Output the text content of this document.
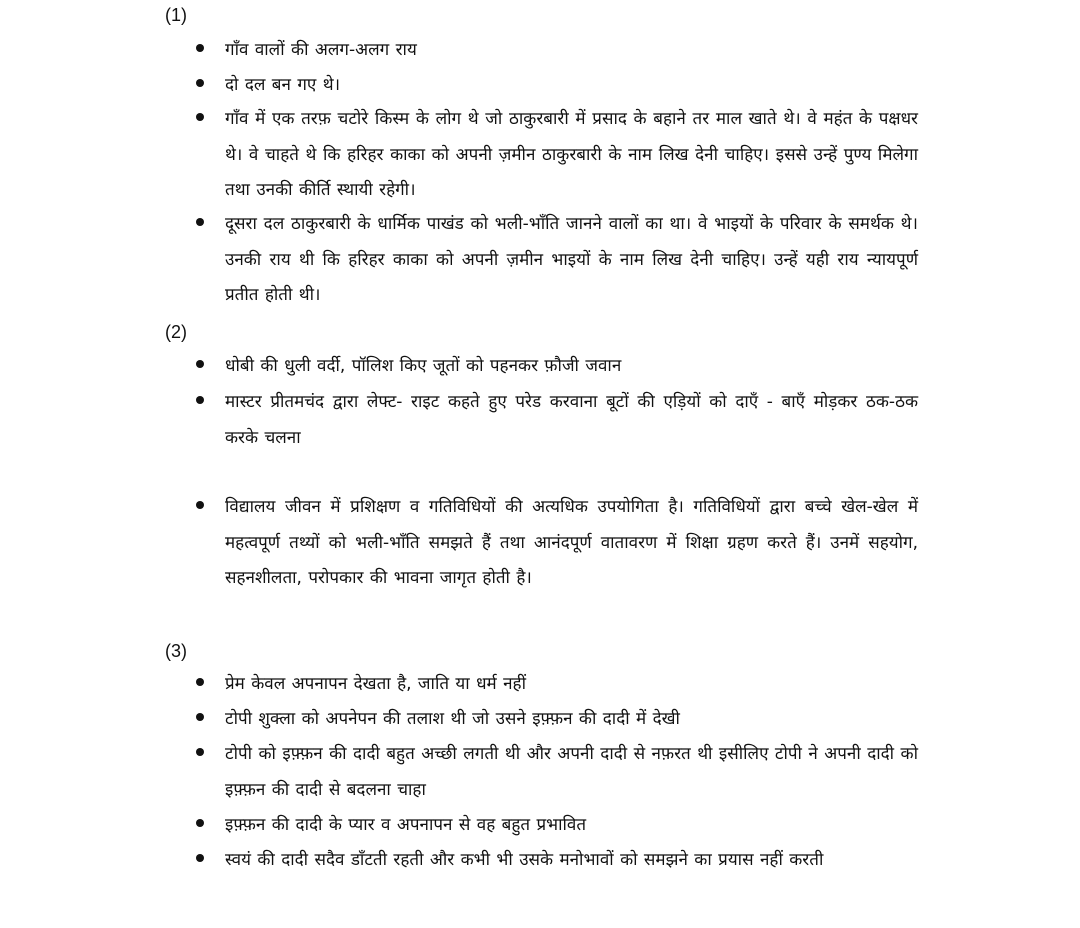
(1)
गाँव वालों की अलग-अलग राय
दो दल बन गए थे।
गाँव में एक तरफ़ चटोरे किस्म के लोग थे जो ठाकुरबारी में प्रसाद के बहाने तर माल खाते थे। वे महंत के पक्षधर थे। वे चाहते थे कि हरिहर काका को अपनी ज़मीन ठाकुरबारी के नाम लिख देनी चाहिए। इससे उन्हें पुण्य मिलेगा तथा उनकी कीर्ति स्थायी रहेगी।
दूसरा दल ठाकुरबारी के धार्मिक पाखंड को भली-भाँति जानने वालों का था। वे भाइयों के परिवार के समर्थक थे। उनकी राय थी कि हरिहर काका को अपनी ज़मीन भाइयों के नाम लिख देनी चाहिए। उन्हें यही राय न्यायपूर्ण प्रतीत होती थी।
(2)
धोबी की धुली वर्दी, पॉलिश किए जूतों को पहनकर फ़ौजी जवान
मास्टर प्रीतमचंद द्वारा लेफ्ट- राइट कहते हुए परेड करवाना बूटों की एड़ियों को दाएँ - बाएँ मोड़कर ठक-ठक करके चलना
विद्यालय जीवन में प्रशिक्षण व गतिविधियों की अत्यधिक उपयोगिता है। गतिविधियों द्वारा बच्चे खेल-खेल में महत्वपूर्ण तथ्यों को भली-भाँति समझते हैं तथा आनंदपूर्ण वातावरण में शिक्षा ग्रहण करते हैं। उनमें सहयोग, सहनशीलता, परोपकार की भावना जागृत होती है।
(3)
प्रेम केवल अपनापन देखता है, जाति या धर्म नहीं
टोपी शुक्ला को अपनेपन की तलाश थी जो उसने इफ़्फ़न की दादी में देखी
टोपी को इफ़्फ़न की दादी बहुत अच्छी लगती थी और अपनी दादी से नफ़रत थी इसीलिए टोपी ने अपनी दादी को इफ़्फ़न की दादी से बदलना चाहा
इफ़्फ़न की दादी के प्यार व अपनापन से वह बहुत प्रभावित
स्वयं की दादी सदैव डाँटती रहती और कभी भी उसके मनोभावों को समझने का प्रयास नहीं करती
